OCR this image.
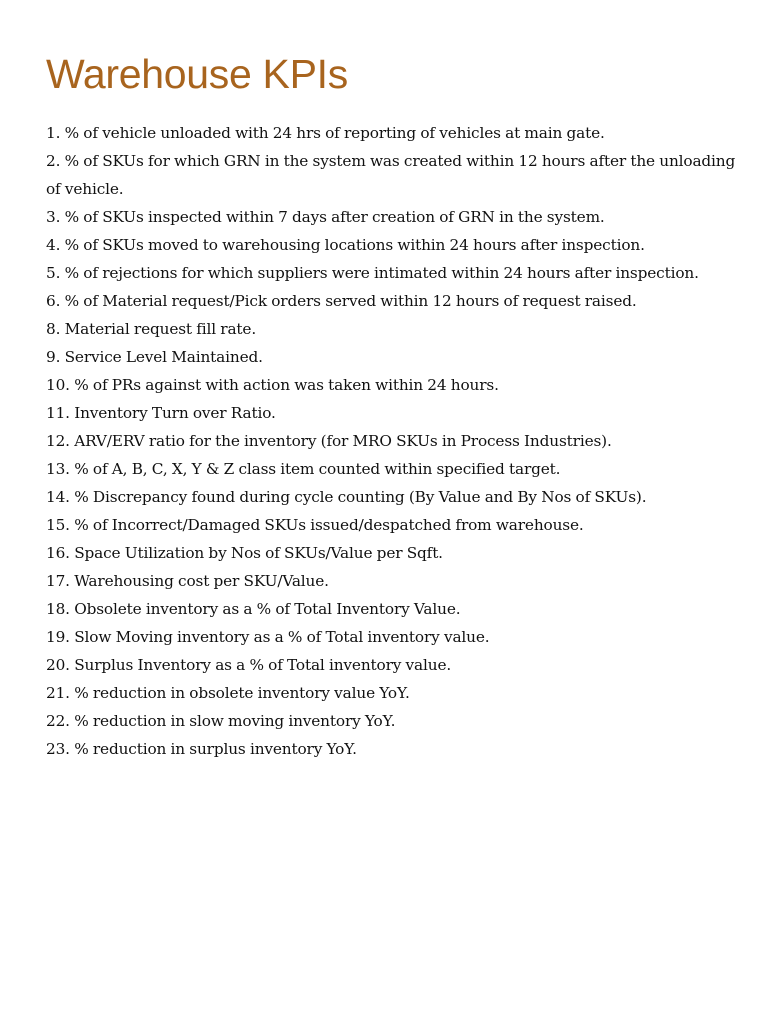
Warehouse KPIs
1. % of vehicle unloaded with 24 hrs of reporting of vehicles at main gate.
2. % of SKUs for which GRN in the system was created within 12 hours after the unloading of vehicle.
3. % of SKUs inspected within 7 days after creation of GRN in the system.
4. % of SKUs moved to warehousing locations within 24 hours after inspection.
5. % of rejections for which suppliers were intimated within 24 hours after inspection.
6. % of Material request/Pick orders served within 12 hours of request raised.
8. Material request fill rate.
9. Service Level Maintained.
10. % of PRs against with action was taken within 24 hours.
11. Inventory Turn over Ratio.
12. ARV/ERV ratio for the inventory (for MRO SKUs in Process Industries).
13. % of A, B, C, X, Y & Z class item counted within specified target.
14. % Discrepancy found during cycle counting (By Value and By Nos of SKUs).
15. % of Incorrect/Damaged SKUs issued/despatched from warehouse.
16. Space Utilization by Nos of SKUs/Value per Sqft.
17. Warehousing cost per SKU/Value.
18. Obsolete inventory as a % of Total Inventory Value.
19. Slow Moving inventory as a % of Total inventory value.
20. Surplus Inventory as a % of Total inventory value.
21. % reduction in obsolete inventory value YoY.
22. % reduction in slow moving inventory YoY.
23. % reduction in surplus inventory YoY.
